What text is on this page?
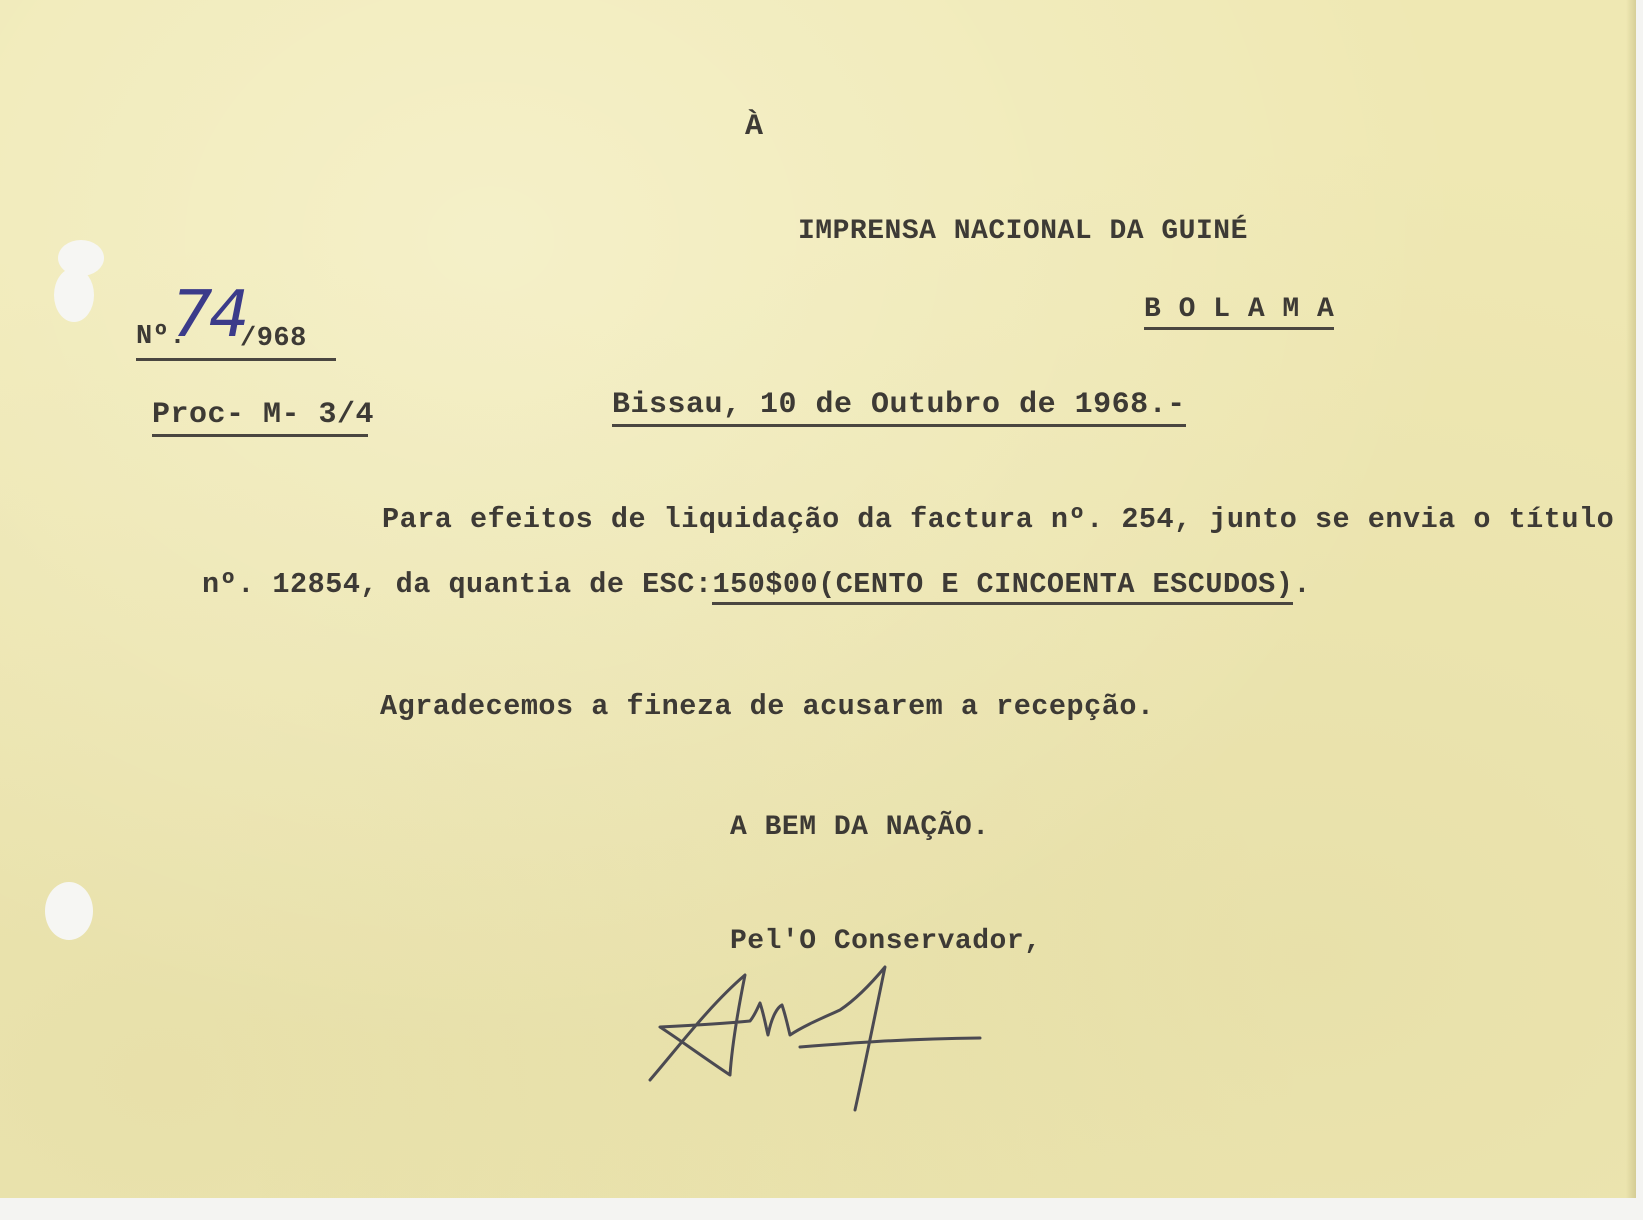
À
IMPRENSA NACIONAL DA GUINÉ
B O L A M A
Nº.
74
/968
Proc- M- 3/4	Bissau, 10 de Outubro de 1968.-
Para efeitos de liquidação da factura nº. 254, junto se envia o título
nº. 12854, da quantia de ESC:150$00(CENTO E CINCOENTA ESCUDOS).
Agradecemos a fineza de acusarem a recepção.
A BEM DA NAÇÃO.
Pel'O Conservador,
